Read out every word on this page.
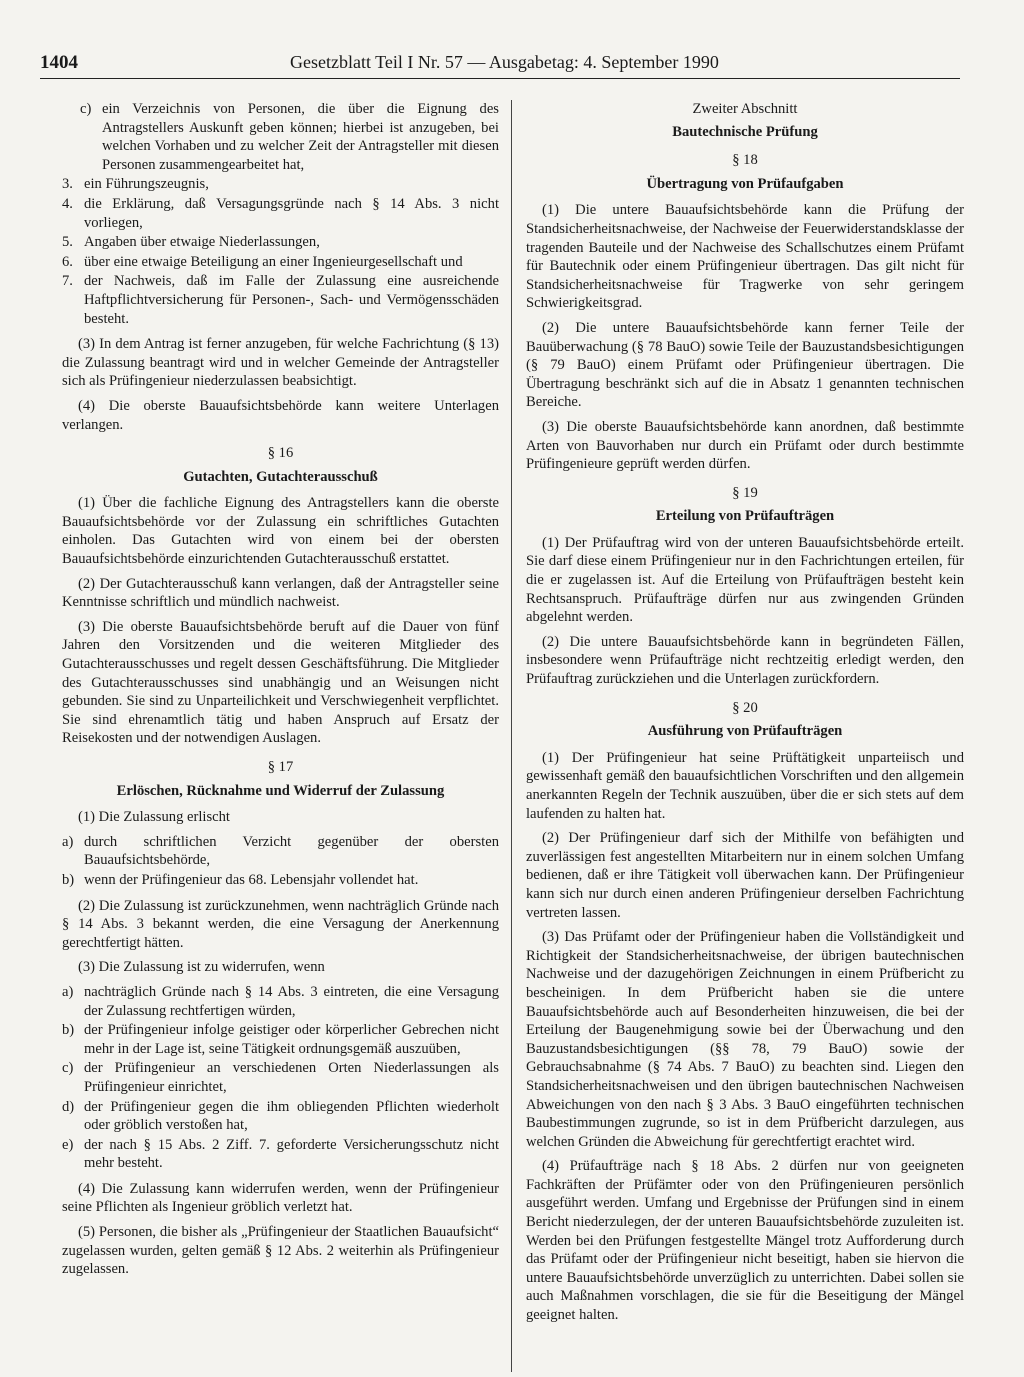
1404	Gesetzblatt Teil I Nr. 57 — Ausgabetag: 4. September 1990
c) ein Verzeichnis von Personen, die über die Eignung des Antragstellers Auskunft geben können; hierbei ist anzugeben, bei welchen Vorhaben und zu welcher Zeit der Antragsteller mit diesen Personen zusammengearbeitet hat,
3. ein Führungszeugnis,
4. die Erklärung, daß Versagungsgründe nach § 14 Abs. 3 nicht vorliegen,
5. Angaben über etwaige Niederlassungen,
6. über eine etwaige Beteiligung an einer Ingenieurgesellschaft und
7. der Nachweis, daß im Falle der Zulassung eine ausreichende Haftpflichtversicherung für Personen-, Sach- und Vermögensschäden besteht.

(3) In dem Antrag ist ferner anzugeben, für welche Fachrichtung (§ 13) die Zulassung beantragt wird und in welcher Gemeinde der Antragsteller sich als Prüfingenieur niederzulassen beabsichtigt.

(4) Die oberste Bauaufsichtsbehörde kann weitere Unterlagen verlangen.

§ 16

Gutachten, Gutachterausschuß

(1) Über die fachliche Eignung des Antragstellers kann die oberste Bauaufsichtsbehörde vor der Zulassung ein schriftliches Gutachten einholen. Das Gutachten wird von einem bei der obersten Bauaufsichtsbehörde einzurichtenden Gutachterausschuß erstattet.

(2) Der Gutachterausschuß kann verlangen, daß der Antragsteller seine Kenntnisse schriftlich und mündlich nachweist.

(3) Die oberste Bauaufsichtsbehörde beruft auf die Dauer von fünf Jahren den Vorsitzenden und die weiteren Mitglieder des Gutachterausschusses und regelt dessen Geschäftsführung. Die Mitglieder des Gutachterausschusses sind unabhängig und an Weisungen nicht gebunden. Sie sind zu Unparteilichkeit und Verschwiegenheit verpflichtet. Sie sind ehrenamtlich tätig und haben Anspruch auf Ersatz der Reisekosten und der notwendigen Auslagen.

§ 17

Erlöschen, Rücknahme und Widerruf der Zulassung

(1) Die Zulassung erlischt

a) durch schriftlichen Verzicht gegenüber der obersten Bauaufsichtsbehörde,
b) wenn der Prüfingenieur das 68. Lebensjahr vollendet hat.

(2) Die Zulassung ist zurückzunehmen, wenn nachträglich Gründe nach § 14 Abs. 3 bekannt werden, die eine Versagung der Anerkennung gerechtfertigt hätten.

(3) Die Zulassung ist zu widerrufen, wenn

a) nachträglich Gründe nach § 14 Abs. 3 eintreten, die eine Versagung der Zulassung rechtfertigen würden,
b) der Prüfingenieur infolge geistiger oder körperlicher Gebrechen nicht mehr in der Lage ist, seine Tätigkeit ordnungsgemäß auszuüben,
c) der Prüfingenieur an verschiedenen Orten Niederlassungen als Prüfingenieur einrichtet,
d) der Prüfingenieur gegen die ihm obliegenden Pflichten wiederholt oder gröblich verstoßen hat,
e) der nach § 15 Abs. 2 Ziff. 7. geforderte Versicherungsschutz nicht mehr besteht.

(4) Die Zulassung kann widerrufen werden, wenn der Prüfingenieur seine Pflichten als Ingenieur gröblich verletzt hat.

(5) Personen, die bisher als „Prüfingenieur der Staatlichen Bauaufsicht“ zugelassen wurden, gelten gemäß § 12 Abs. 2 weiterhin als Prüfingenieur zugelassen.

Zweiter Abschnitt

Bautechnische Prüfung

§ 18

Übertragung von Prüfaufgaben

(1) Die untere Bauaufsichtsbehörde kann die Prüfung der Standsicherheitsnachweise, der Nachweise der Feuerwiderstandsklasse der tragenden Bauteile und der Nachweise des Schallschutzes einem Prüfamt für Bautechnik oder einem Prüfingenieur übertragen. Das gilt nicht für Standsicherheitsnachweise für Tragwerke von sehr geringem Schwierigkeitsgrad.

(2) Die untere Bauaufsichtsbehörde kann ferner Teile der Bauüberwachung (§ 78 BauO) sowie Teile der Bauzustandsbesichtigungen (§ 79 BauO) einem Prüfamt oder Prüfingenieur übertragen. Die Übertragung beschränkt sich auf die in Absatz 1 genannten technischen Bereiche.

(3) Die oberste Bauaufsichtsbehörde kann anordnen, daß bestimmte Arten von Bauvorhaben nur durch ein Prüfamt oder durch bestimmte Prüfingenieure geprüft werden dürfen.

§ 19

Erteilung von Prüfaufträgen

(1) Der Prüfauftrag wird von der unteren Bauaufsichtsbehörde erteilt. Sie darf diese einem Prüfingenieur nur in den Fachrichtungen erteilen, für die er zugelassen ist. Auf die Erteilung von Prüfaufträgen besteht kein Rechtsanspruch. Prüfaufträge dürfen nur aus zwingenden Gründen abgelehnt werden.

(2) Die untere Bauaufsichtsbehörde kann in begründeten Fällen, insbesondere wenn Prüfaufträge nicht rechtzeitig erledigt werden, den Prüfauftrag zurückziehen und die Unterlagen zurückfordern.

§ 20

Ausführung von Prüfaufträgen

(1) Der Prüfingenieur hat seine Prüftätigkeit unparteiisch und gewissenhaft gemäß den bauaufsichtlichen Vorschriften und den allgemein anerkannten Regeln der Technik auszuüben, über die er sich stets auf dem laufenden zu halten hat.

(2) Der Prüfingenieur darf sich der Mithilfe von befähigten und zuverlässigen fest angestellten Mitarbeitern nur in einem solchen Umfang bedienen, daß er ihre Tätigkeit voll überwachen kann. Der Prüfingenieur kann sich nur durch einen anderen Prüfingenieur derselben Fachrichtung vertreten lassen.

(3) Das Prüfamt oder der Prüfingenieur haben die Vollständigkeit und Richtigkeit der Standsicherheitsnachweise, der übrigen bautechnischen Nachweise und der dazugehörigen Zeichnungen in einem Prüfbericht zu bescheinigen. In dem Prüfbericht haben sie die untere Bauaufsichtsbehörde auch auf Besonderheiten hinzuweisen, die bei der Erteilung der Baugenehmigung sowie bei der Überwachung und den Bauzustandsbesichtigungen (§§ 78, 79 BauO) sowie der Gebrauchsabnahme (§ 74 Abs. 7 BauO) zu beachten sind. Liegen den Standsicherheitsnachweisen und den übrigen bautechnischen Nachweisen Abweichungen von den nach § 3 Abs. 3 BauO eingeführten technischen Baubestimmungen zugrunde, so ist in dem Prüfbericht darzulegen, aus welchen Gründen die Abweichung für gerechtfertigt erachtet wird.

(4) Prüfaufträge nach § 18 Abs. 2 dürfen nur von geeigneten Fachkräften der Prüfämter oder von den Prüfingenieuren persönlich ausgeführt werden. Umfang und Ergebnisse der Prüfungen sind in einem Bericht niederzulegen, der der unteren Bauaufsichtsbehörde zuzuleiten ist. Werden bei den Prüfungen festgestellte Mängel trotz Aufforderung durch das Prüfamt oder der Prüfingenieur nicht beseitigt, haben sie hiervon die untere Bauaufsichtsbehörde unverzüglich zu unterrichten. Dabei sollen sie auch Maßnahmen vorschlagen, die sie für die Beseitigung der Mängel geeignet halten.
